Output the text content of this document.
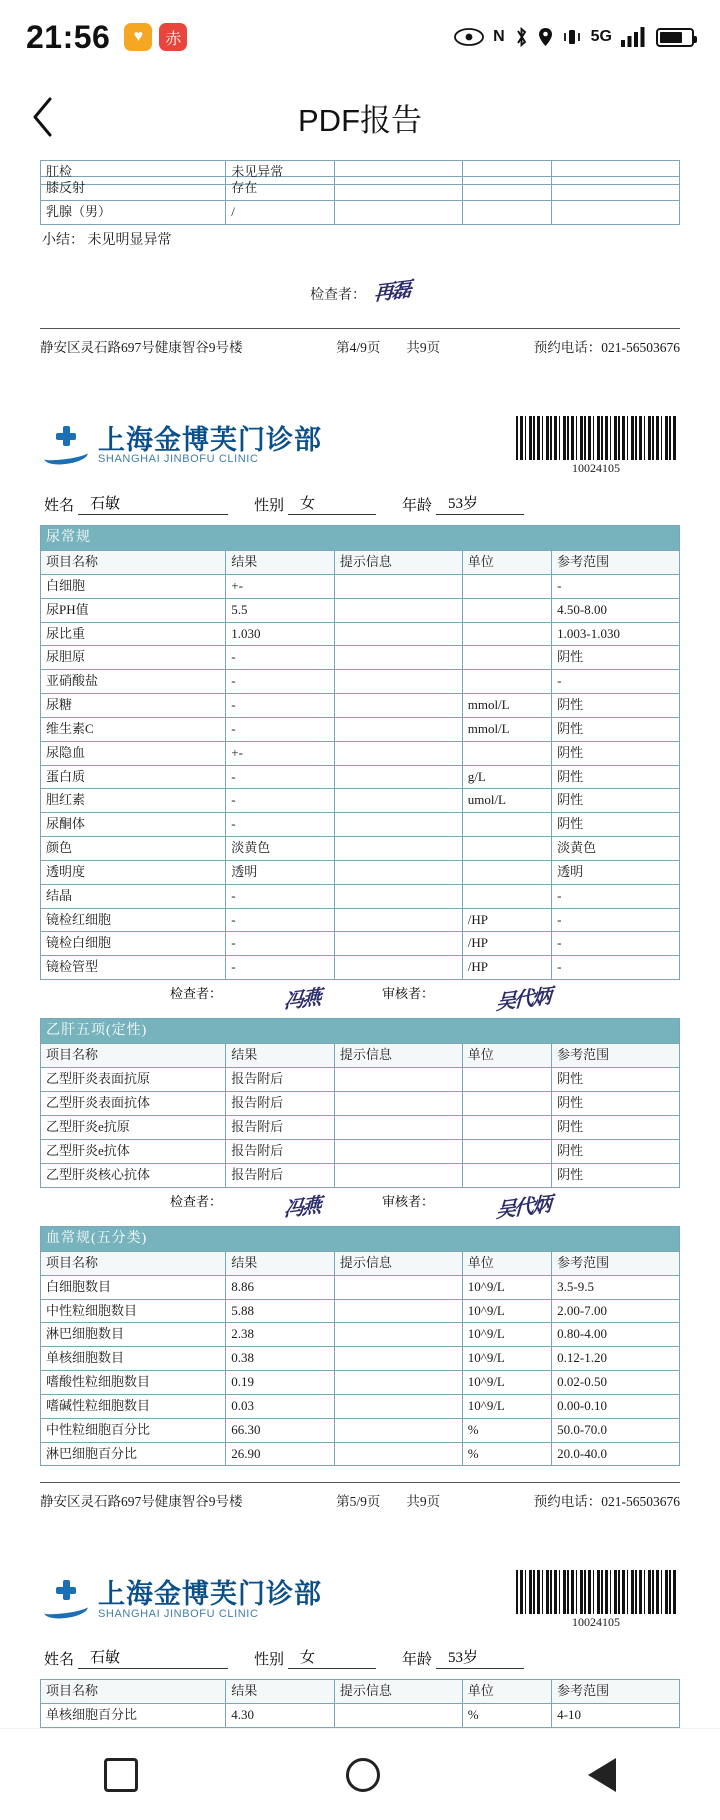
21:56	♥	赤	N	5G
PDF报告
肛检	未见异常			
膝反射	存在			
乳腺（男）	/			
小结： 未见明显异常
检查者： 再磊
静安区灵石路697号健康智谷9号楼	第4/9页 共9页	预约电话：021-56503676
上海金博芙门诊部
SHANGHAI JINBOFU CLINIC
10024105
姓名	石敏	性别	女	年龄	53岁
尿常规				
项目名称	结果	提示信息	单位	参考范围
白细胞	+-			-
尿PH值	5.5			4.50-8.00
尿比重	1.030			1.003-1.030
尿胆原	-			阴性
亚硝酸盐	-			-
尿糖	-		mmol/L	阴性
维生素C	-		mmol/L	阴性
尿隐血	+-			阴性
蛋白质	-		g/L	阴性
胆红素	-		umol/L	阴性
尿酮体	-			阴性
颜色	淡黄色			淡黄色
透明度	透明			透明
结晶	-			-
镜检红细胞	-		/HP	-
镜检白细胞	-		/HP	-
镜检管型	-		/HP	-
检查者：	冯燕	审核者：	吴代炳
乙肝五项(定性)				
项目名称	结果	提示信息	单位	参考范围
乙型肝炎表面抗原	报告附后			阴性
乙型肝炎表面抗体	报告附后			阴性
乙型肝炎e抗原	报告附后			阴性
乙型肝炎e抗体	报告附后			阴性
乙型肝炎核心抗体	报告附后			阴性
检查者：	冯燕	审核者：	吴代炳
血常规(五分类)				
项目名称	结果	提示信息	单位	参考范围
白细胞数目	8.86		10^9/L	3.5-9.5
中性粒细胞数目	5.88		10^9/L	2.00-7.00
淋巴细胞数目	2.38		10^9/L	0.80-4.00
单核细胞数目	0.38		10^9/L	0.12-1.20
嗜酸性粒细胞数目	0.19		10^9/L	0.02-0.50
嗜碱性粒细胞数目	0.03		10^9/L	0.00-0.10
中性粒细胞百分比	66.30		%	50.0-70.0
淋巴细胞百分比	26.90		%	20.0-40.0
静安区灵石路697号健康智谷9号楼	第5/9页 共9页	预约电话：021-56503676
上海金博芙门诊部
SHANGHAI JINBOFU CLINIC
10024105
姓名	石敏	性别	女	年龄	53岁
项目名称	结果	提示信息	单位	参考范围
单核细胞百分比	4.30		%	4-10
